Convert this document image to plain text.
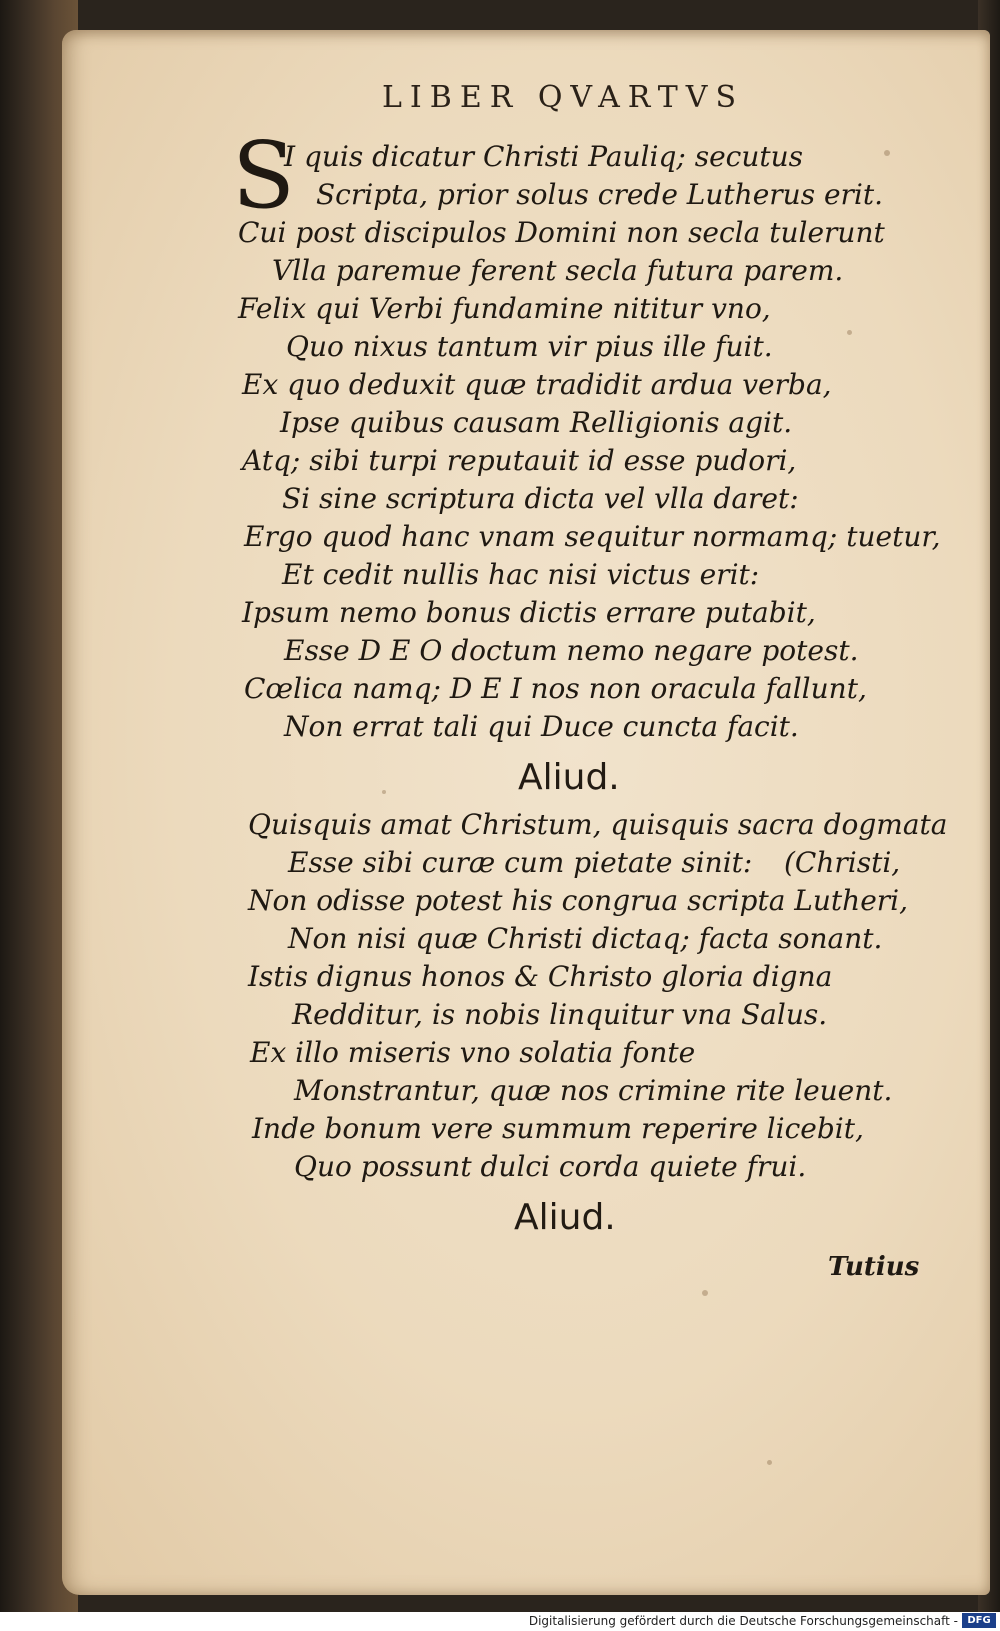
LIBER QVARTVS
S
I quis dicatur Christi Pauliq; secutus
Scripta, prior solus crede Lutherus erit.
Cui post discipulos Domini non secla tulerunt
Vlla paremue ferent secla futura parem.
Felix qui Verbi fundamine nititur vno,
Quo nixus tantum vir pius ille fuit.
Ex quo deduxit quæ tradidit ardua verba,
Ipse quibus causam Relligionis agit.
Atq; sibi turpi reputauit id esse pudori,
Si sine scriptura dicta vel vlla daret:
Ergo quod hanc vnam sequitur normamq; tuetur,
Et cedit nullis hac nisi victus erit:
Ipsum nemo bonus dictis errare putabit,
Esse D E O doctum nemo negare potest.
Cœlica namq; D E I nos non oracula fallunt,
Non errat tali qui Duce cuncta facit.
Aliud.
Quisquis amat Christum, quisquis sacra dogmata
Esse sibi curæ cum pietate sinit: (Christi,
Non odisse potest his congrua scripta Lutheri,
Non nisi quæ Christi dictaq; facta sonant.
Istis dignus honos & Christo gloria digna
Redditur, is nobis linquitur vna Salus.
Ex illo miseris vno solatia fonte
Monstrantur, quæ nos crimine rite leuent.
Inde bonum vere summum reperire licebit,
Quo possunt dulci corda quiete frui.
Aliud.
Tutius
Digitalisierung gefördert durch die Deutsche Forschungsgemeinschaft - DFG
